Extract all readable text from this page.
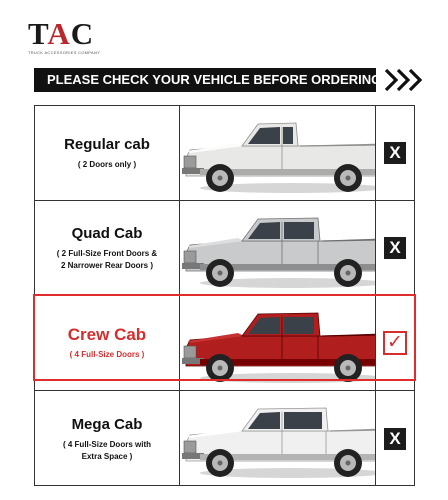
TAC
TRUCK ACCESSORIES COMPANY
PLEASE CHECK YOUR VEHICLE BEFORE ORDERING
Regular cab
( 2 Doors only )
X
Quad Cab
( 2 Full-Size Front Doors &
2 Narrower Rear Doors )
X
Crew Cab
( 4 Full-Size Doors )
✓
Mega Cab
( 4 Full-Size Doors with
Extra Space )
X
